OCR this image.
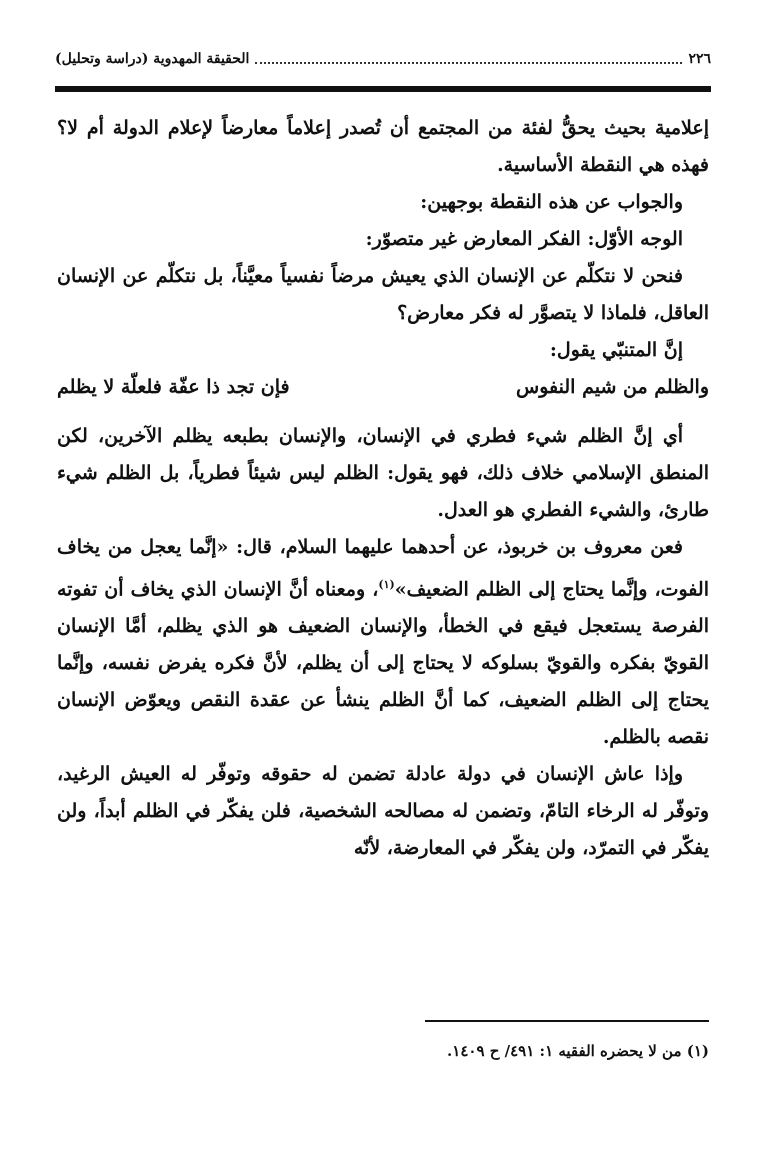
٢٢٦
الحقيقة المهدوية (دراسة وتحليل)

إعلامية بحيث يحقُّ لفئة من المجتمع أن تُصدر إعلاماً معارضاً لإعلام الدولة أم لا؟ فهذه هي النقطة الأساسية.

والجواب عن هذه النقطة بوجهين:

الوجه الأوّل: الفكر المعارض غير متصوّر:

فنحن لا نتكلّم عن الإنسان الذي يعيش مرضاً نفسياً معيَّناً، بل نتكلّم عن الإنسان العاقل، فلماذا لا يتصوَّر له فكر معارض؟

إنَّ المتنبّي يقول:

والظلم من شيم النفوس
فإن تجد ذا عفّة فلعلّة لا يظلم

أي إنَّ الظلم شيء فطري في الإنسان، والإنسان بطبعه يظلم الآخرين، لكن المنطق الإسلامي خلاف ذلك، فهو يقول: الظلم ليس شيئاً فطرياً، بل الظلم شيء طارئ، والشيء الفطري هو العدل.

فعن معروف بن خربوذ، عن أحدهما عليهما السلام، قال: «إنَّما يعجل من يخاف الفوت، وإنَّما يحتاج إلى الظلم الضعيف»$^{(١)}$، ومعناه أنَّ الإنسان الذي يخاف أن تفوته الفرصة يستعجل فيقع في الخطأ، والإنسان الضعيف هو الذي يظلم، أمَّا الإنسان القويّ بفكره والقويّ بسلوكه لا يحتاج إلى أن يظلم، لأنَّ فكره يفرض نفسه، وإنَّما يحتاج إلى الظلم الضعيف، كما أنَّ الظلم ينشأ عن عقدة النقص ويعوّض الإنسان نقصه بالظلم.

وإذا عاش الإنسان في دولة عادلة تضمن له حقوقه وتوفّر له العيش الرغيد، وتوفّر له الرخاء التامّ، وتضمن له مصالحه الشخصية، فلن يفكّر في الظلم أبداً، ولن يفكّر في التمرّد، ولن يفكّر في المعارضة، لأنّه

(١) من لا يحضره الفقيه ١: ٤٩١/ ح ١٤٠٩.
